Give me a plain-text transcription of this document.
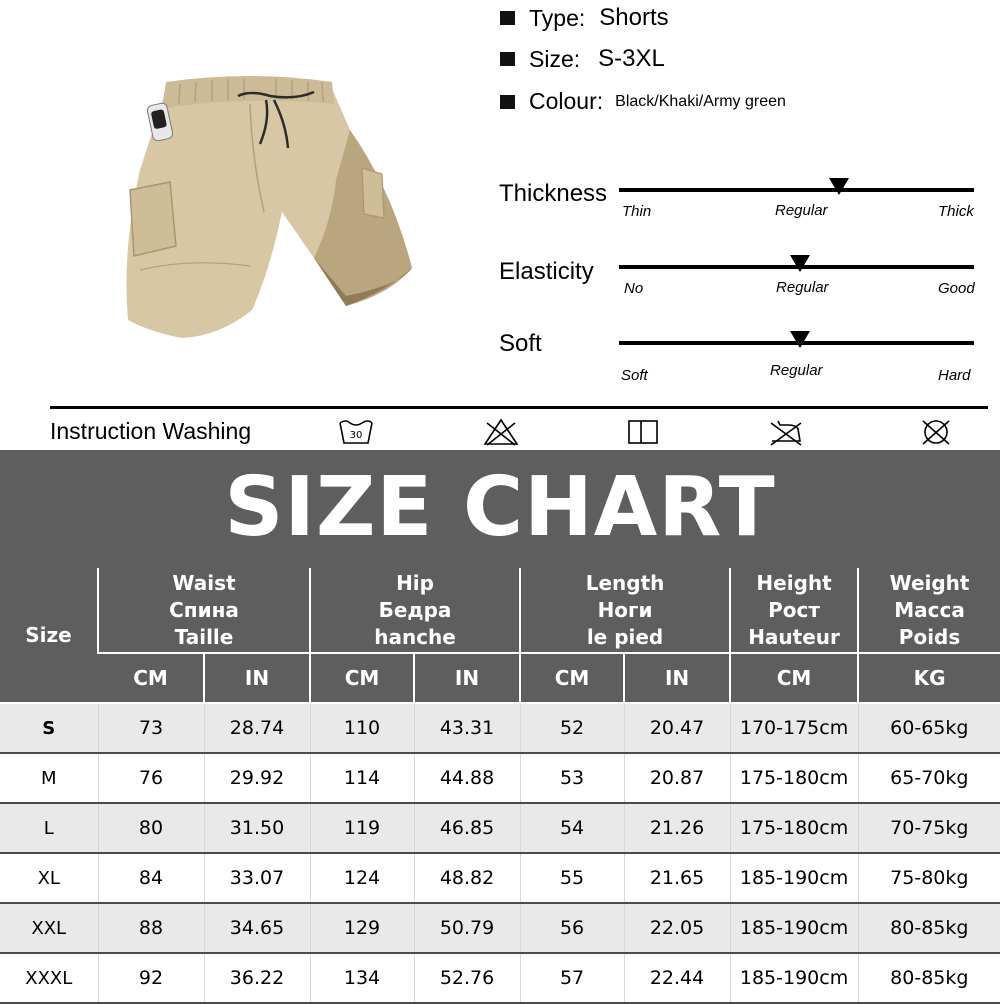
Type: Shorts
Size: S-3XL
Colour: Black/Khaki/Army green
Thickness
Thin	Regular	Thick
Elasticity
No	Regular	Good
Soft
Soft	Regular	Hard
Instruction Washing	30
SIZE CHART
Size	Waist
Спина
Taille		Hip
Бедра
hanche		Length
Ноги
le pied		Height
Рост
Hauteur	Weight
Масса
Poids

	CM	IN	CM	IN	CM	IN	CM	KG
S	73	28.74	110	43.31	52	20.47	170-175cm	60-65kg
M	76	29.92	114	44.88	53	20.87	175-180cm	65-70kg
L	80	31.50	119	46.85	54	21.26	175-180cm	70-75kg
XL	84	33.07	124	48.82	55	21.65	185-190cm	75-80kg
XXL	88	34.65	129	50.79	56	22.05	185-190cm	80-85kg
XXXL	92	36.22	134	52.76	57	22.44	185-190cm	80-85kg
